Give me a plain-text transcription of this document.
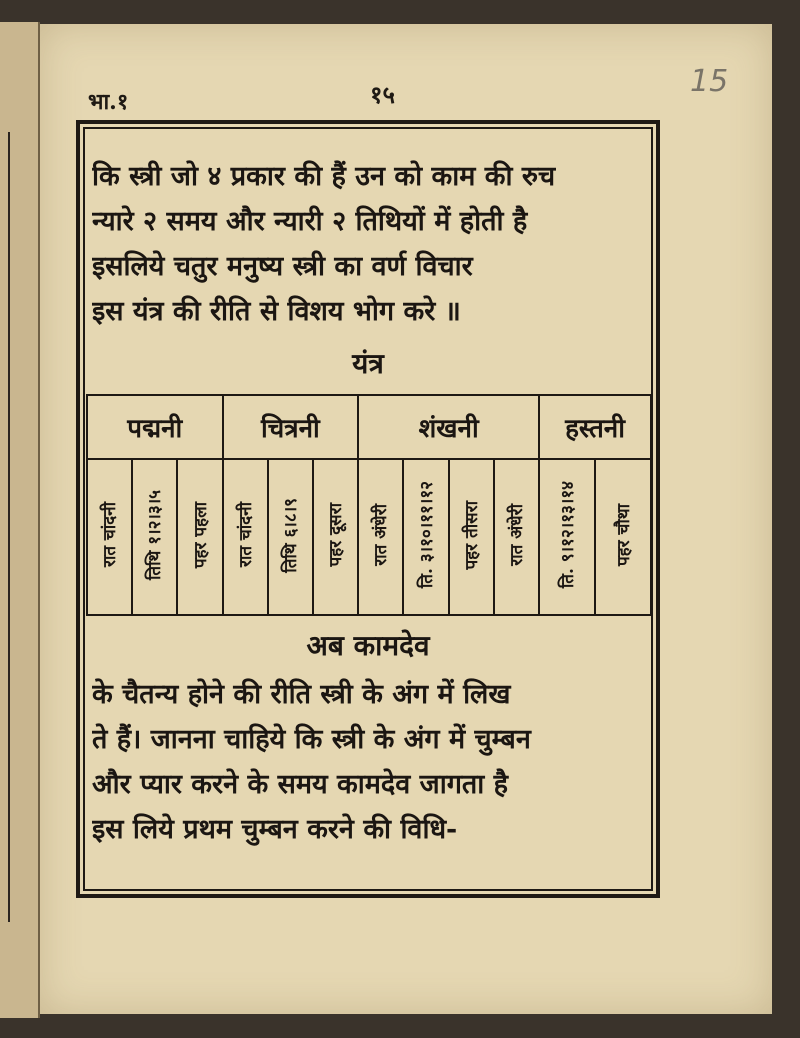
भा.१	१५	15
कि स्त्री जो ४ प्रकार की हैं उन को काम की रुच
न्यारे २ समय और न्यारी २ तिथियों में होती है
इसलिये चतुर मनुष्य स्त्री का वर्ण विचार
इस यंत्र की रीति से विशय भोग करे ॥
यंत्र
पद्मनी			चित्रनी			शंखनी				हस्तनी	
रात चांदनी	तिथि १।२।३।५	पहर पहला	रात चांदनी	तिथि ६।८।९	पहर दूसरा	रात अंधेरी	ति. ३।१०।११।१२	पहर तीसरा	रात अंधेरी	ति. ९।१२।१३।१४	पहर चौथा
अब कामदेव
के चैतन्य होने की रीति स्त्री के अंग में लिख
ते हैं। जानना चाहिये कि स्त्री के अंग में चुम्बन
और प्यार करने के समय कामदेव जागता है
इस लिये प्रथम चुम्बन करने की विधि-
